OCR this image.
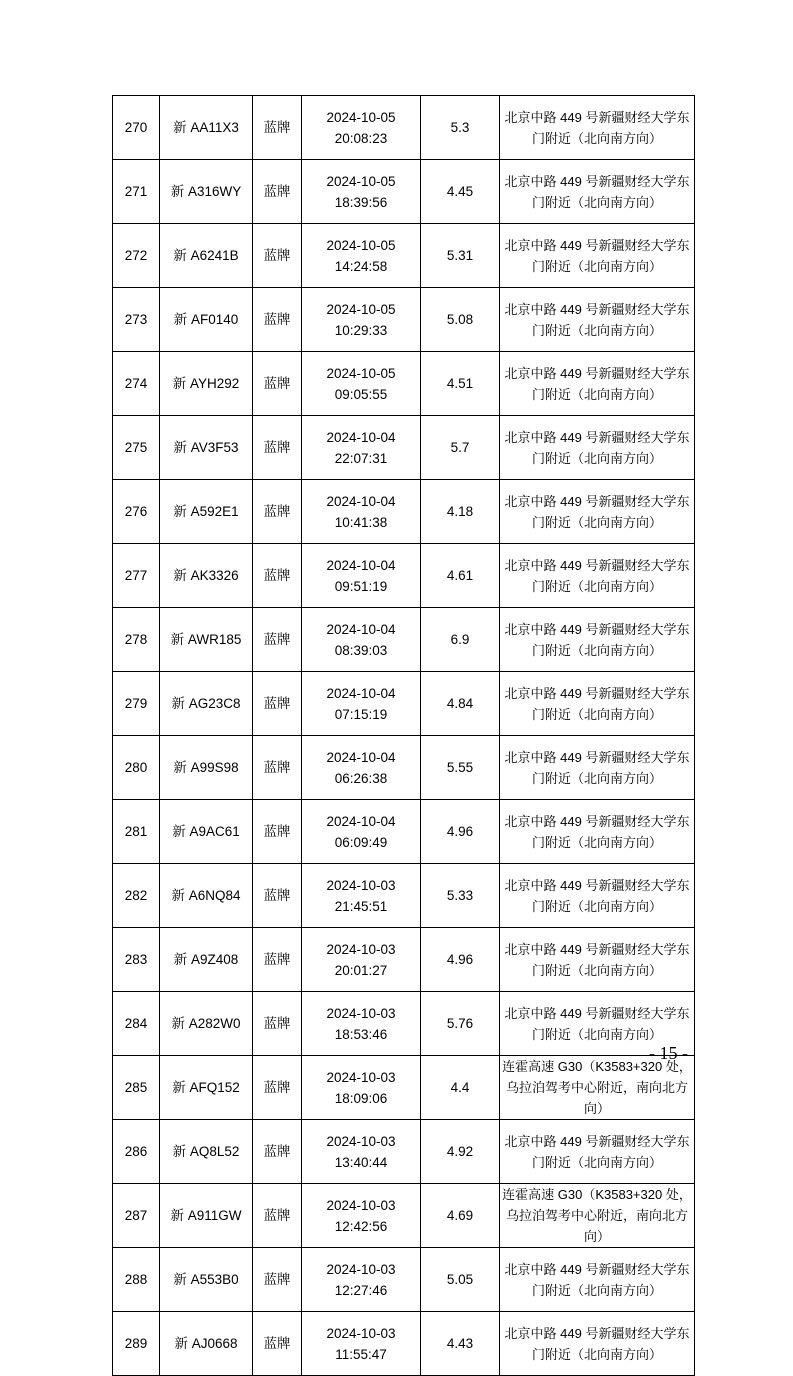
270	新 AA11X3	蓝牌	2024-10-05
20:08:23	5.3	北京中路 449 号新疆财经大学东门附近（北向南方向）
271	新 A316WY	蓝牌	2024-10-05
18:39:56	4.45	北京中路 449 号新疆财经大学东门附近（北向南方向）
272	新 A6241B	蓝牌	2024-10-05
14:24:58	5.31	北京中路 449 号新疆财经大学东门附近（北向南方向）
273	新 AF0140	蓝牌	2024-10-05
10:29:33	5.08	北京中路 449 号新疆财经大学东门附近（北向南方向）
274	新 AYH292	蓝牌	2024-10-05
09:05:55	4.51	北京中路 449 号新疆财经大学东门附近（北向南方向）
275	新 AV3F53	蓝牌	2024-10-04
22:07:31	5.7	北京中路 449 号新疆财经大学东门附近（北向南方向）
276	新 A592E1	蓝牌	2024-10-04
10:41:38	4.18	北京中路 449 号新疆财经大学东门附近（北向南方向）
277	新 AK3326	蓝牌	2024-10-04
09:51:19	4.61	北京中路 449 号新疆财经大学东门附近（北向南方向）
278	新 AWR185	蓝牌	2024-10-04
08:39:03	6.9	北京中路 449 号新疆财经大学东门附近（北向南方向）
279	新 AG23C8	蓝牌	2024-10-04
07:15:19	4.84	北京中路 449 号新疆财经大学东门附近（北向南方向）
280	新 A99S98	蓝牌	2024-10-04
06:26:38	5.55	北京中路 449 号新疆财经大学东门附近（北向南方向）
281	新 A9AC61	蓝牌	2024-10-04
06:09:49	4.96	北京中路 449 号新疆财经大学东门附近（北向南方向）
282	新 A6NQ84	蓝牌	2024-10-03
21:45:51	5.33	北京中路 449 号新疆财经大学东门附近（北向南方向）
283	新 A9Z408	蓝牌	2024-10-03
20:01:27	4.96	北京中路 449 号新疆财经大学东门附近（北向南方向）
284	新 A282W0	蓝牌	2024-10-03
18:53:46	5.76	北京中路 449 号新疆财经大学东门附近（北向南方向）
285	新 AFQ152	蓝牌	2024-10-03
18:09:06	4.4	连霍高速 G30（K3583+320 处，乌拉泊驾考中心附近，南向北方向）
286	新 AQ8L52	蓝牌	2024-10-03
13:40:44	4.92	北京中路 449 号新疆财经大学东门附近（北向南方向）
287	新 A911GW	蓝牌	2024-10-03
12:42:56	4.69	连霍高速 G30（K3583+320 处，乌拉泊驾考中心附近，南向北方向）
288	新 A553B0	蓝牌	2024-10-03
12:27:46	5.05	北京中路 449 号新疆财经大学东门附近（北向南方向）
289	新 AJ0668	蓝牌	2024-10-03
11:55:47	4.43	北京中路 449 号新疆财经大学东门附近（北向南方向）
- 15 -
